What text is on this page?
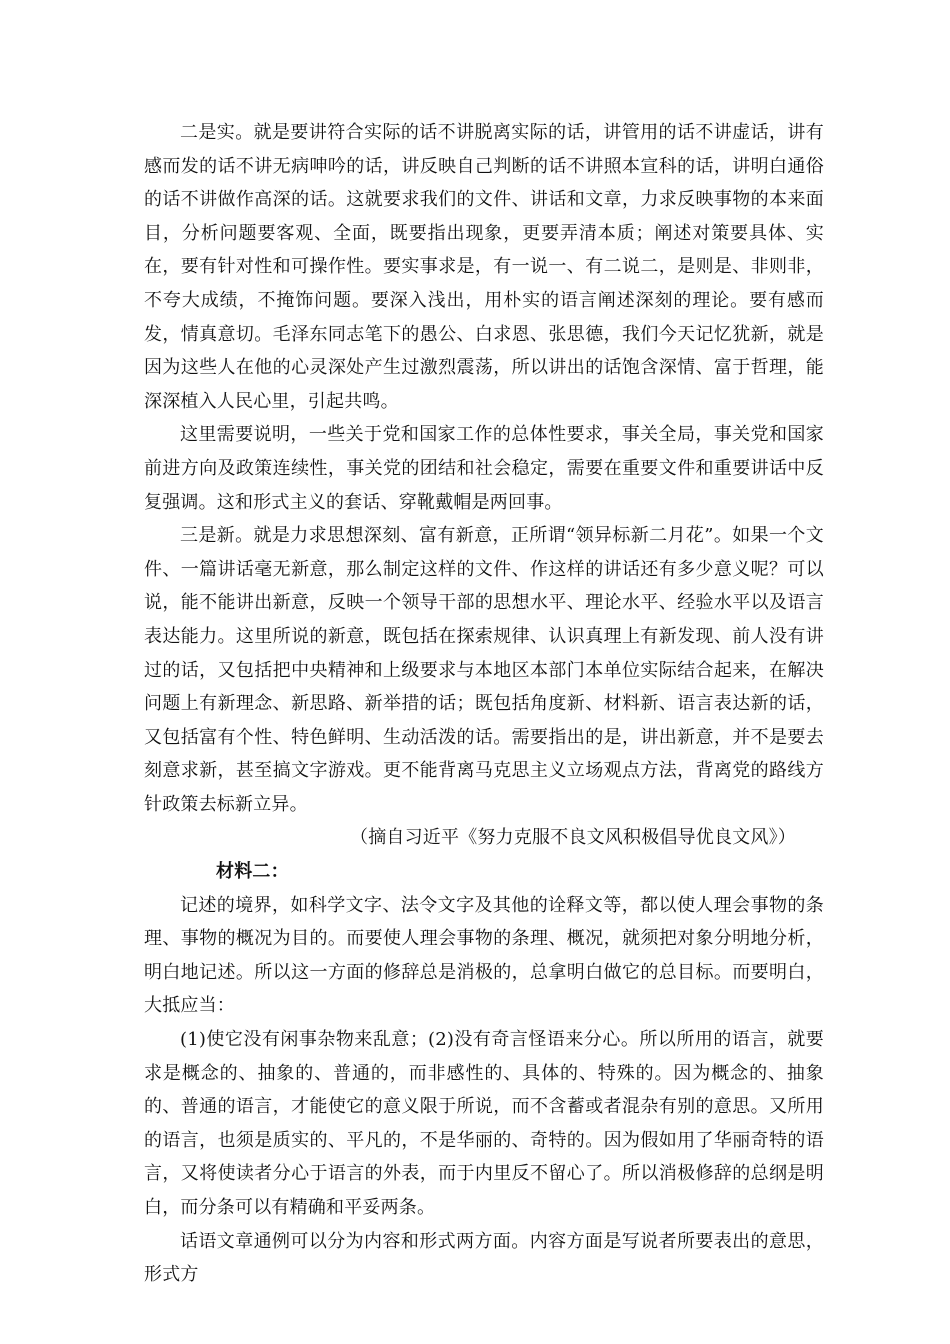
二是实。就是要讲符合实际的话不讲脱离实际的话，讲管用的话不讲虚话，讲有感而发的话不讲无病呻吟的话，讲反映自己判断的话不讲照本宣科的话，讲明白通俗的话不讲做作高深的话。这就要求我们的文件、讲话和文章，力求反映事物的本来面目，分析问题要客观、全面，既要指出现象，更要弄清本质；阐述对策要具体、实在，要有针对性和可操作性。要实事求是，有一说一、有二说二，是则是、非则非，不夸大成绩，不掩饰问题。要深入浅出，用朴实的语言阐述深刻的理论。要有感而发，情真意切。毛泽东同志笔下的愚公、白求恩、张思德，我们今天记忆犹新，就是因为这些人在他的心灵深处产生过激烈震荡，所以讲出的话饱含深情、富于哲理，能深深植入人民心里，引起共鸣。

这里需要说明，一些关于党和国家工作的总体性要求，事关全局，事关党和国家前进方向及政策连续性，事关党的团结和社会稳定，需要在重要文件和重要讲话中反复强调。这和形式主义的套话、穿靴戴帽是两回事。

三是新。就是力求思想深刻、富有新意，正所谓“领异标新二月花”。如果一个文件、一篇讲话毫无新意，那么制定这样的文件、作这样的讲话还有多少意义呢？可以说，能不能讲出新意，反映一个领导干部的思想水平、理论水平、经验水平以及语言表达能力。这里所说的新意，既包括在探索规律、认识真理上有新发现、前人没有讲过的话，又包括把中央精神和上级要求与本地区本部门本单位实际结合起来，在解决问题上有新理念、新思路、新举措的话；既包括角度新、材料新、语言表达新的话，又包括富有个性、特色鲜明、生动活泼的话。需要指出的是，讲出新意，并不是要去刻意求新，甚至搞文字游戏。更不能背离马克思主义立场观点方法，背离党的路线方针政策去标新立异。

（摘自习近平《努力克服不良文风积极倡导优良文风》）

材料二：

记述的境界，如科学文字、法令文字及其他的诠释文等，都以使人理会事物的条理、事物的概况为目的。而要使人理会事物的条理、概况，就须把对象分明地分析，明白地记述。所以这一方面的修辞总是消极的，总拿明白做它的总目标。而要明白，大抵应当：

(1)使它没有闲事杂物来乱意；(2)没有奇言怪语来分心。所以所用的语言，就要求是概念的、抽象的、普通的，而非感性的、具体的、特殊的。因为概念的、抽象的、普通的语言，才能使它的意义限于所说，而不含蓄或者混杂有别的意思。又所用的语言，也须是质实的、平凡的，不是华丽的、奇特的。因为假如用了华丽奇特的语言，又将使读者分心于语言的外表，而于内里反不留心了。所以消极修辞的总纲是明白，而分条可以有精确和平妥两条。

话语文章通例可以分为内容和形式两方面。内容方面是写说者所要表出的意思，形式方
